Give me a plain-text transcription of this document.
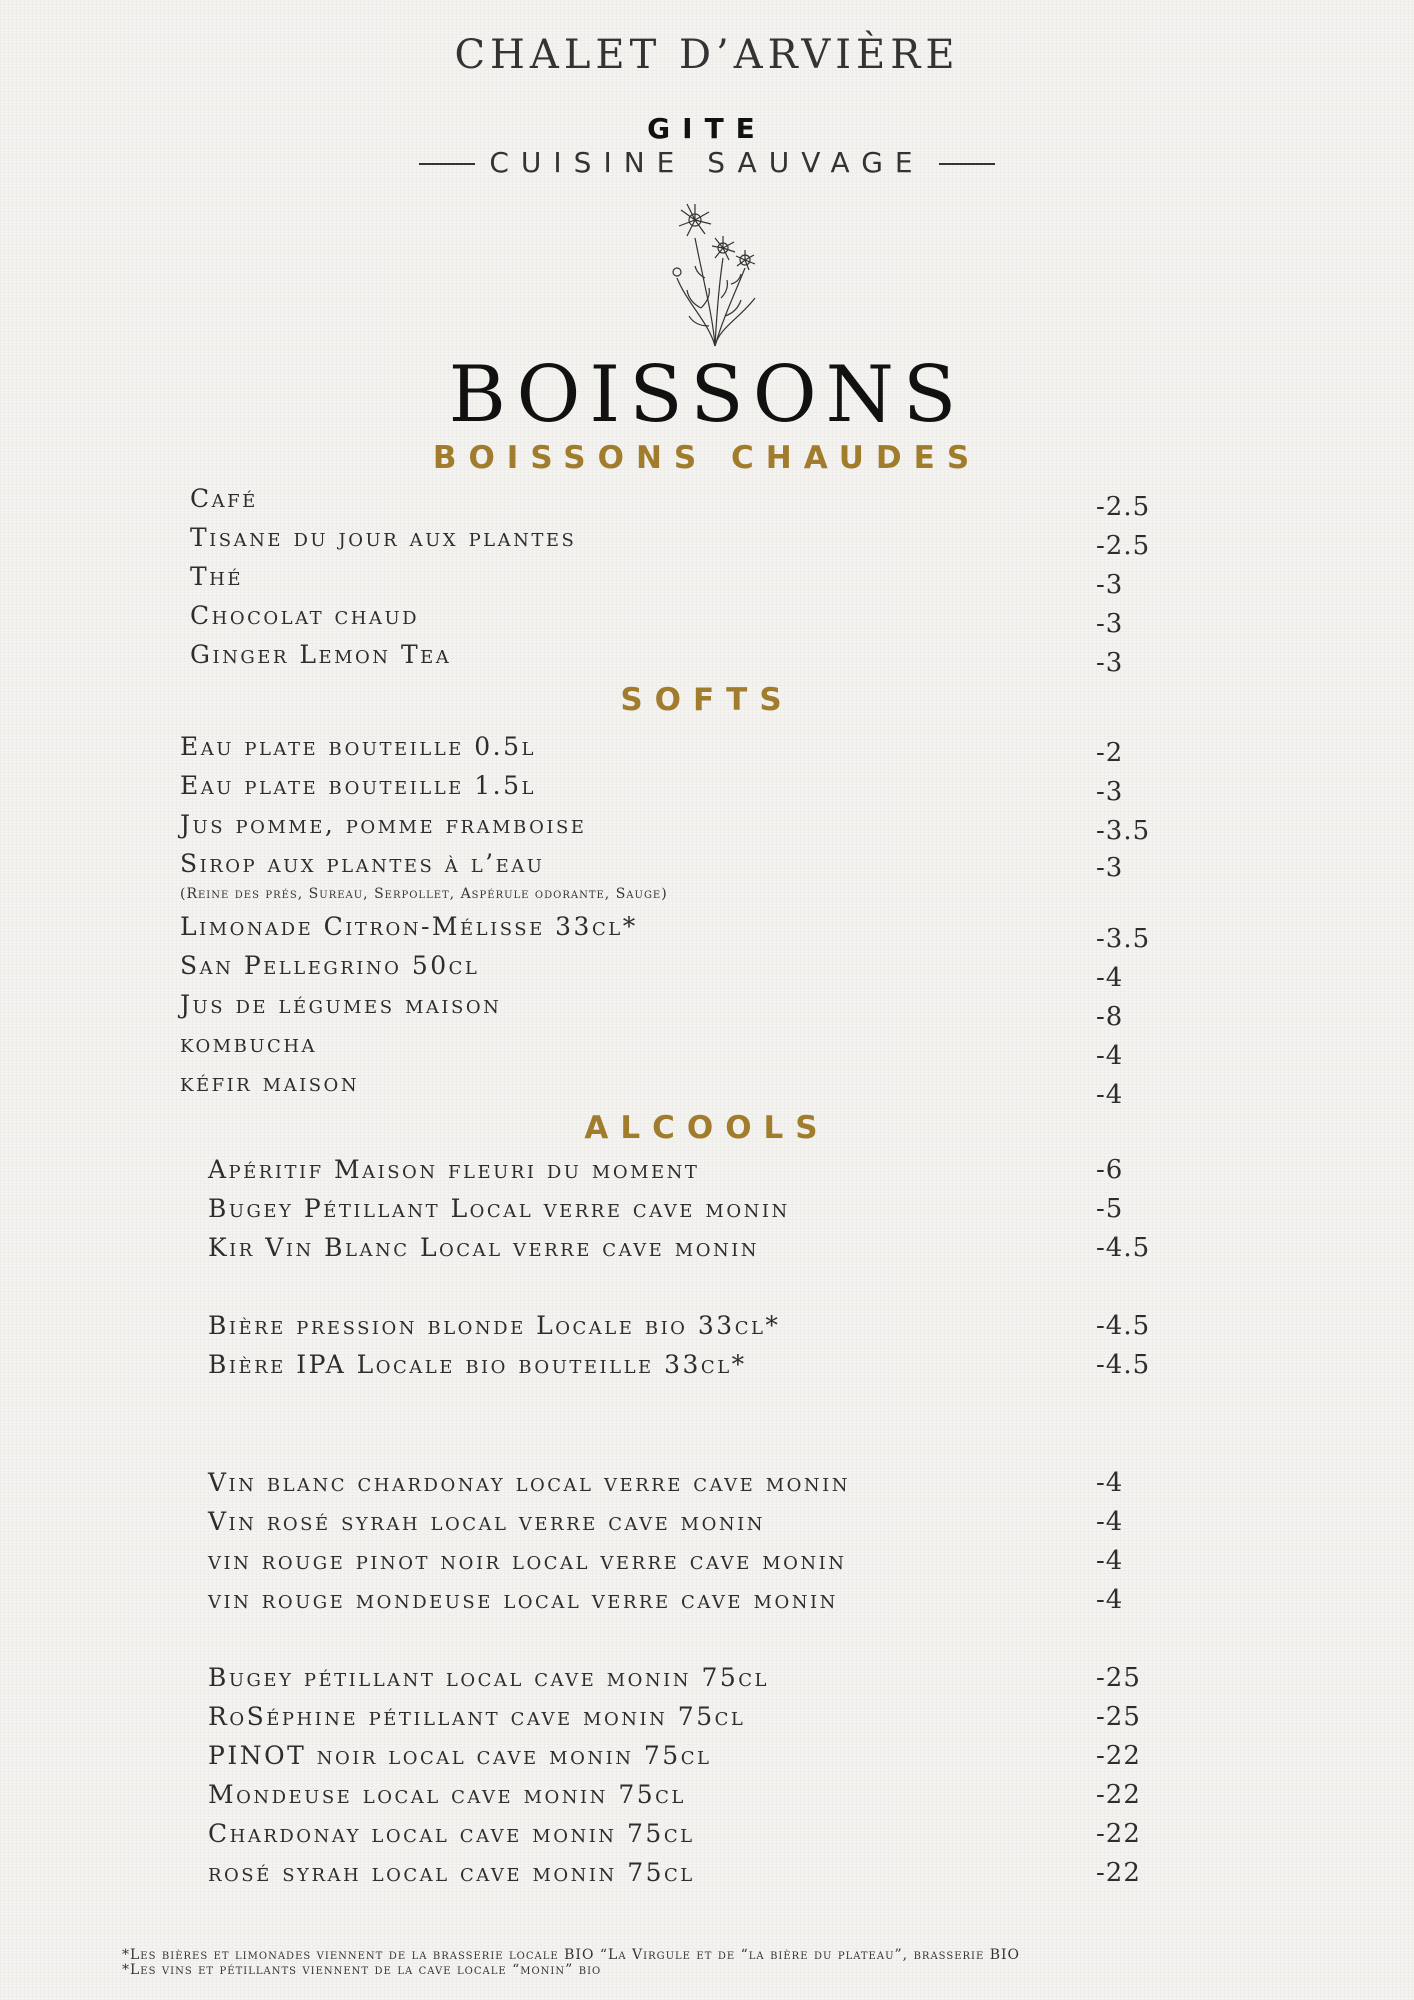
CHALET D’ARVIÈRE
GITE
CUISINE SAUVAGE
BOISSONS
BOISSONS CHAUDES
SOFTS
ALCOOLS
Café	-2.5
Tisane du jour aux plantes	-2.5
Thé	-3
Chocolat chaud	-3
Ginger Lemon Tea	-3
Eau plate bouteille 0.5l	-2
Eau plate bouteille 1.5l	-3
Jus pomme, pomme framboise	-3.5
Sirop aux plantes à l’eau	-3
(Reine des prés, Sureau, Serpollet, Aspérule odorante, Sauge)
Limonade Citron-Mélisse 33cl*	-3.5
San Pellegrino 50cl	-4
Jus de légumes maison	-8
kombucha	-4
kéfir maison	-4
Apéritif Maison fleuri du moment	-6
Bugey Pétillant Local verre cave monin	-5
Kir Vin Blanc Local verre cave monin	-4.5
Bière pression blonde Locale bio 33cl*	-4.5
Bière IPA Locale bio bouteille 33cl*	-4.5
Vin blanc chardonay local verre cave monin	-4
Vin rosé syrah local verre cave monin	-4
vin rouge pinot noir local verre cave monin	-4
vin rouge mondeuse local verre cave monin	-4
Bugey pétillant local cave monin 75cl	-25
RoSéphine pétillant cave monin 75cl	-25
PINOT noir local cave monin 75cl	-22
Mondeuse local cave monin 75cl	-22
Chardonay local cave monin 75cl	-22
rosé syrah local cave monin 75cl	-22
*Les bières et limonades viennent de la brasserie locale BIO “La Virgule et de “la bière du plateau”, brasserie BIO
*Les vins et pétillants viennent de la cave locale “monin” bio
